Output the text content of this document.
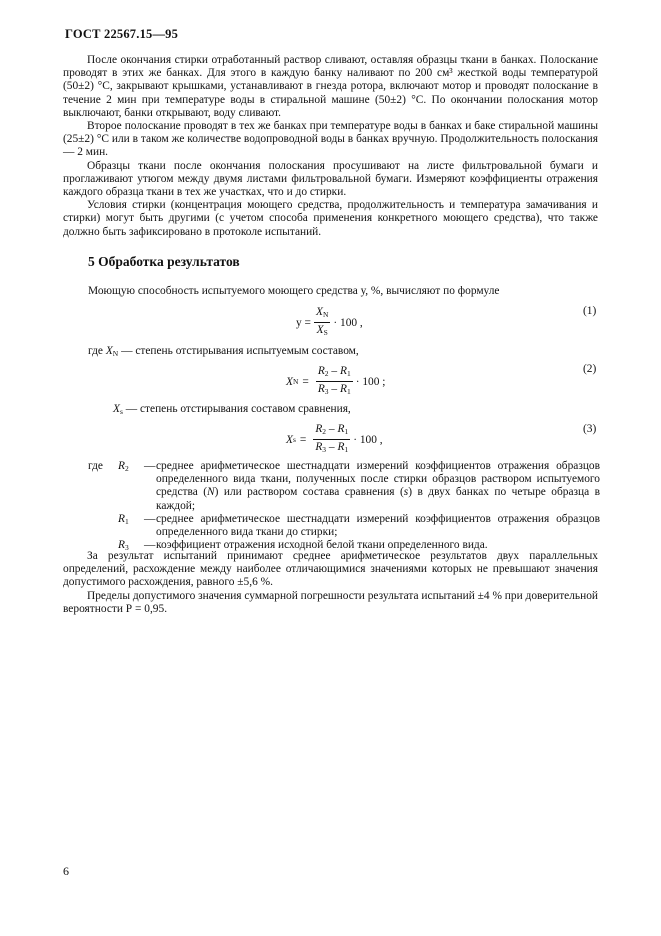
ГОСТ 22567.15—95

После окончания стирки отработанный раствор сливают, оставляя образцы ткани в банках. Полоскание проводят в этих же банках. Для этого в каждую банку наливают по 200 см³ жесткой воды температурой (50±2) °С, закрывают крышками, устанавливают в гнезда ротора, включают мотор и проводят полоскание в течение 2 мин при температуре воды в стиральной машине (50±2) °С. По окончании полоскания мотор выключают, банки открывают, воду сливают.

Второе полоскание проводят в тех же банках при температуре воды в банках и баке стиральной машины (25±2) °С или в таком же количестве водопроводной воды в банках вручную. Продолжительность полоскания — 2 мин.

Образцы ткани после окончания полоскания просушивают на листе фильтровальной бумаги и проглаживают утюгом между двумя листами фильтровальной бумаги. Измеряют коэффициенты отражения каждого образца ткани в тех же участках, что и до стирки.

Условия стирки (концентрация моющего средства, продолжительность и температура замачивания и стирки) могут быть другими (с учетом способа применения конкретного моющего средства), что также должно быть зафиксировано в протоколе испытаний.

5 Обработка результатов
Моющую способность испытуемого моющего средства у, %, вычисляют по формуле
$у = \frac{X_N}{X_S} \cdot 100$ ,
(1)
где $X_N$ — степень отстирывания испытуемым составом,
X $N = \frac{R_2 - R_1}{R_3 - R_1} \cdot 100$ ;
(2)
$X_s$ — степень отстирывания составом сравнения,
X $s = \frac{R_2 - R_1}{R_3 - R_1} \cdot 100$ ,
(3)
где	$R_2$	— среднее арифметическое шестнадцати измерений коэффициентов отражения образцов определенного вида ткани, полученных после стирки образцов раствором испытуемого средства (N) или раствором состава сравнения (s) в двух банках по четыре образца в каждой;
$R_1$	— среднее арифметическое шестнадцати измерений коэффициентов отражения образцов определенного вида ткани до стирки;
$R_3$	— коэффициент отражения исходной белой ткани определенного вида.

За результат испытаний принимают среднее арифметическое результатов двух параллельных определений, расхождение между наиболее отличающимися значениями которых не превышают значения допустимого расхождения, равного ±5,6 %.

Пределы допустимого значения суммарной погрешности результата испытаний ±4 % при доверительной вероятности Р = 0,95.

6
